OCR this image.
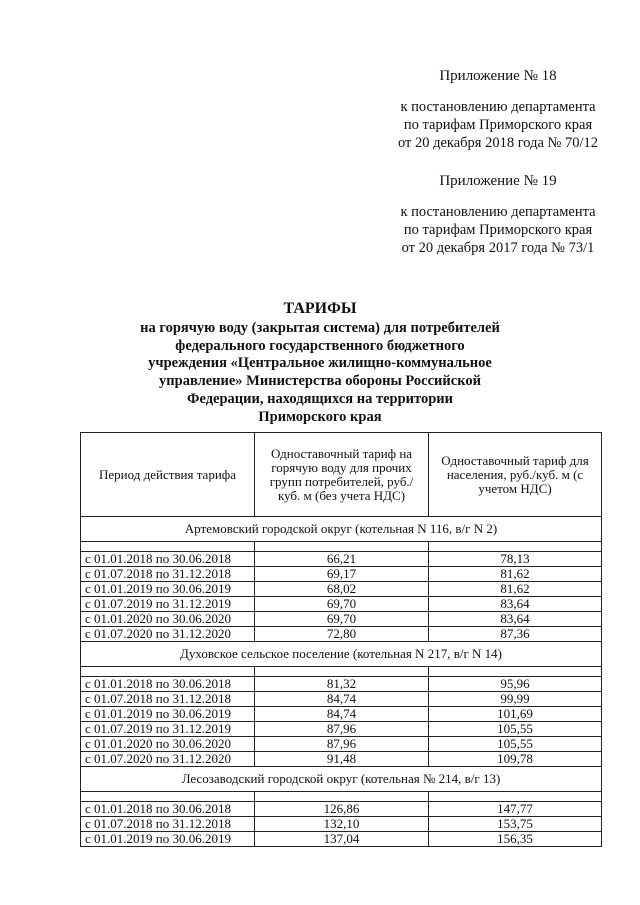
Приложение № 18
к постановлению департамента
по тарифам Приморского края
от 20 декабря 2018 года № 70/12
Приложение № 19
к постановлению департамента
по тарифам Приморского края
от 20 декабря 2017 года № 73/1
ТАРИФЫ
на горячую воду (закрытая система) для потребителей
федерального государственного бюджетного
учреждения «Центральное жилищно-коммунальное
управление» Министерства обороны Российской
Федерации, находящихся на территории
Приморского края
Период действия тарифа	Одноставочный тариф на горячую воду для прочих групп потребителей, руб./куб. м (без учета НДС)	Одноставочный тариф для населения, руб./куб. м (с учетом НДС)
Артемовский городской округ (котельная N 116, в/г N 2)		

с 01.01.2018 по 30.06.2018	66,21	78,13
с 01.07.2018 по 31.12.2018	69,17	81,62
с 01.01.2019 по 30.06.2019	68,02	81,62
с 01.07.2019 по 31.12.2019	69,70	83,64
с 01.01.2020 по 30.06.2020	69,70	83,64
с 01.07.2020 по 31.12.2020	72,80	87,36
Духовское сельское поселение (котельная N 217, в/г N 14)		

с 01.01.2018 по 30.06.2018	81,32	95,96
с 01.07.2018 по 31.12.2018	84,74	99,99
с 01.01.2019 по 30.06.2019	84,74	101,69
с 01.07.2019 по 31.12.2019	87,96	105,55
с 01.01.2020 по 30.06.2020	87,96	105,55
с 01.07.2020 по 31.12.2020	91,48	109,78
Лесозаводский городской округ (котельная № 214, в/г 13)		

с 01.01.2018 по 30.06.2018	126,86	147,77
с 01.07.2018 по 31.12.2018	132,10	153,75
с 01.01.2019 по 30.06.2019	137,04	156,35
